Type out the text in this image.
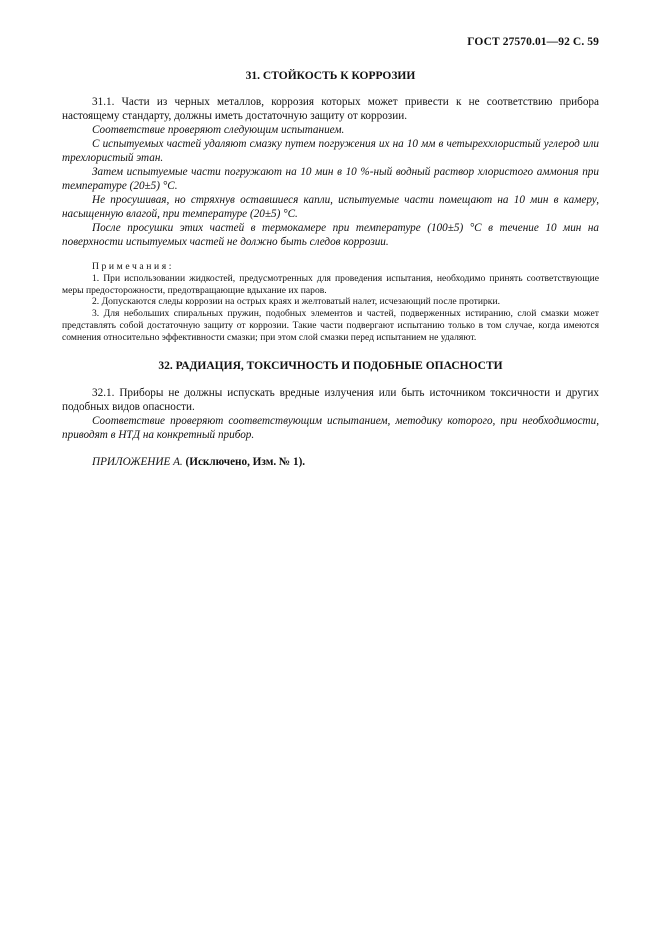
ГОСТ 27570.01—92 С. 59
31. СТОЙКОСТЬ К КОРРОЗИИ

31.1. Части из черных металлов, коррозия которых может привести к не соответствию прибора настоящему стандарту, должны иметь достаточную защиту от коррозии.

Соответствие проверяют следующим испытанием.

С испытуемых частей удаляют смазку путем погружения их на 10 мм в четыреххлористый углерод или трехлористый этан.

Затем испытуемые части погружают на 10 мин в 10 %-ный водный раствор хлористого аммония при температуре (20±5) °С.

Не просушивая, но стряхнув оставшиеся капли, испытуемые части помещают на 10 мин в камеру, насыщенную влагой, при температуре (20±5) °С.

После просушки этих частей в термокамере при температуре (100±5) °С в течение 10 мин на поверхности испытуемых частей не должно быть следов коррозии.

Примечания:

1. При использовании жидкостей, предусмотренных для проведения испытания, необходимо принять соответствующие меры предосторожности, предотвращающие вдыхание их паров.

2. Допускаются следы коррозии на острых краях и желтоватый налет, исчезающий после протирки.

3. Для небольших спиральных пружин, подобных элементов и частей, подверженных истиранию, слой смазки может представлять собой достаточную защиту от коррозии. Такие части подвергают испытанию только в том случае, когда имеются сомнения относительно эффективности смазки; при этом слой смазки перед испытанием не удаляют.

32. РАДИАЦИЯ, ТОКСИЧНОСТЬ И ПОДОБНЫЕ ОПАСНОСТИ

32.1. Приборы не должны испускать вредные излучения или быть источником токсичности и других подобных видов опасности.

Соответствие проверяют соответствующим испытанием, методику которого, при необходимости, приводят в НТД на конкретный прибор.

ПРИЛОЖЕНИЕ А. (Исключено, Изм. № 1).
